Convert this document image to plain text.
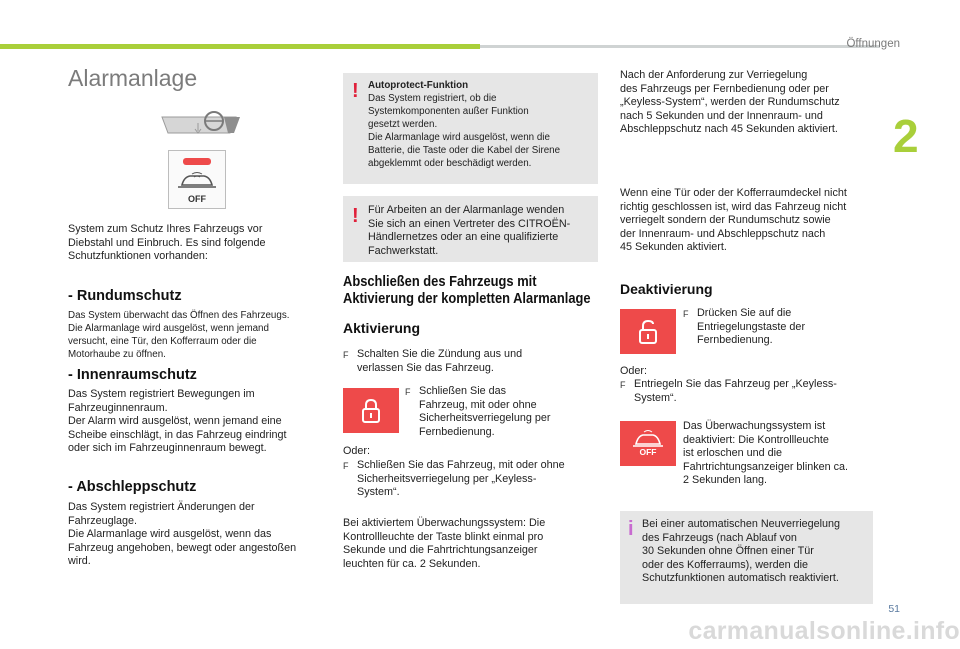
Öffnungen
2
Alarmanlage
OFF
System zum Schutz Ihres Fahrzeugs vor
Diebstahl und Einbruch. Es sind folgende
Schutzfunktionen vorhanden:
- Rundumschutz
Das System überwacht das Öffnen des Fahrzeugs.
Die Alarmanlage wird ausgelöst, wenn jemand
versucht, eine Tür, den Kofferraum oder die
Motorhaube zu öffnen.
- Innenraumschutz
Das System registriert Bewegungen im
Fahrzeuginnenraum.
Der Alarm wird ausgelöst, wenn jemand eine
Scheibe einschlägt, in das Fahrzeug eindringt
oder sich im Fahrzeuginnenraum bewegt.
- Abschleppschutz
Das System registriert Änderungen der
Fahrzeuglage.
Die Alarmanlage wird ausgelöst, wenn das
Fahrzeug angehoben, bewegt oder angestoßen
wird.
! Autoprotect-Funktion
Das System registriert, ob die
Systemkomponenten außer Funktion
gesetzt werden.
Die Alarmanlage wird ausgelöst, wenn die
Batterie, die Taste oder die Kabel der Sirene
abgeklemmt oder beschädigt werden.
! Für Arbeiten an der Alarmanlage wenden
Sie sich an einen Vertreter des CITROËN-
Händlernetzes oder an eine qualifizierte
Fachwerkstatt.
Abschließen des Fahrzeugs mit
Aktivierung der kompletten Alarmanlage
Aktivierung
F Schalten Sie die Zündung aus und
verlassen Sie das Fahrzeug.
F Schließen Sie das
Fahrzeug, mit oder ohne
Sicherheitsverriegelung per
Fernbedienung.
Oder:
F Schließen Sie das Fahrzeug, mit oder ohne
Sicherheitsverriegelung per „Keyless-
System“.
Bei aktiviertem Überwachungssystem: Die
Kontrollleuchte der Taste blinkt einmal pro
Sekunde und die Fahrtrichtungsanzeiger
leuchten für ca. 2 Sekunden.
Nach der Anforderung zur Verriegelung
des Fahrzeugs per Fernbedienung oder per
„Keyless-System“, werden der Rundumschutz
nach 5 Sekunden und der Innenraum- und
Abschleppschutz nach 45 Sekunden aktiviert.
Wenn eine Tür oder der Kofferraumdeckel nicht
richtig geschlossen ist, wird das Fahrzeug nicht
verriegelt sondern der Rundumschutz sowie
der Innenraum- und Abschleppschutz nach
45 Sekunden aktiviert.
Deaktivierung
F Drücken Sie auf die
Entriegelungstaste der
Fernbedienung.
Oder:
F Entriegeln Sie das Fahrzeug per „Keyless-
System“.
OFF
Das Überwachungssystem ist
deaktiviert: Die Kontrollleuchte
ist erloschen und die
Fahrtrichtungsanzeiger blinken ca.
2 Sekunden lang.
i Bei einer automatischen Neuverriegelung
des Fahrzeugs (nach Ablauf von
30 Sekunden ohne Öffnen einer Tür
oder des Kofferraums), werden die
Schutzfunktionen automatisch reaktiviert.
51
carmanualsonline.info
